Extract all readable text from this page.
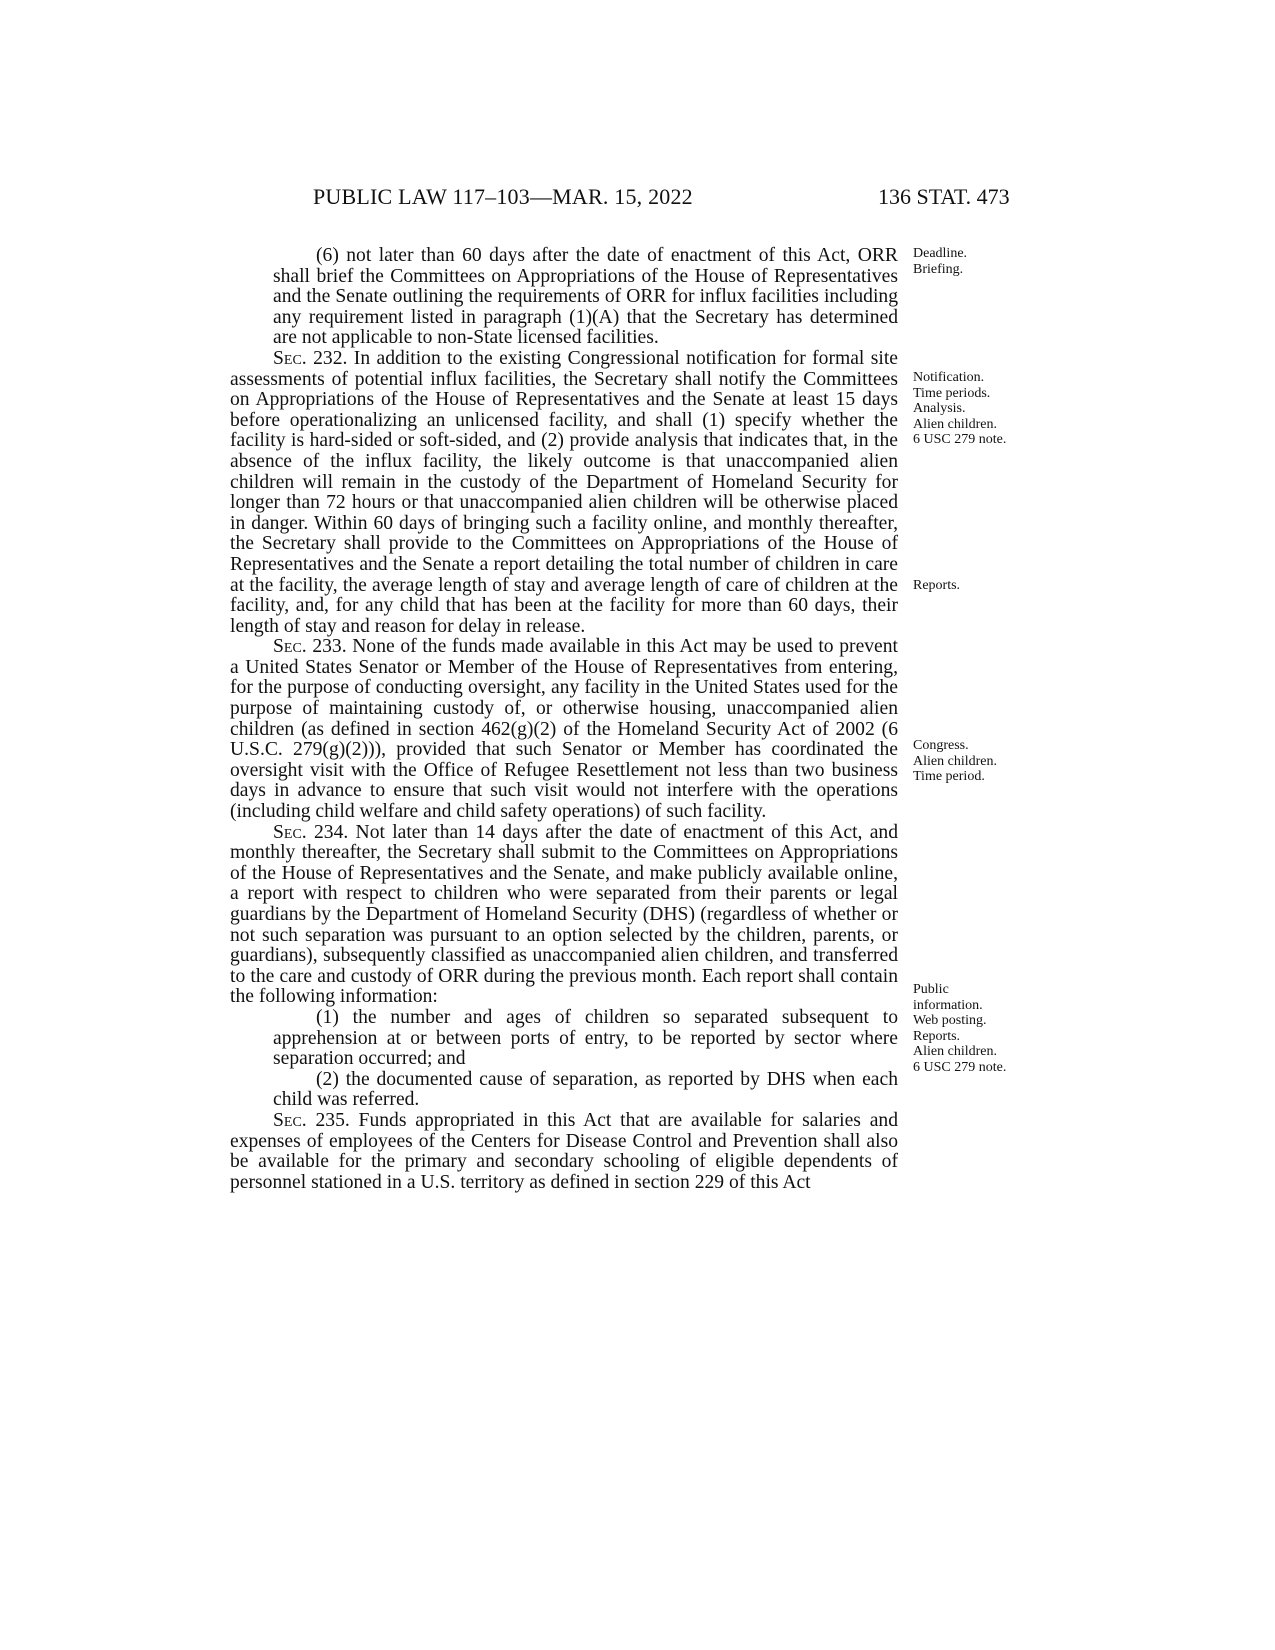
PUBLIC LAW 117–103—MAR. 15, 2022	136 STAT. 473

(6) not later than 60 days after the date of enactment of this Act, ORR shall brief the Committees on Appropriations of the House of Representatives and the Senate outlining the requirements of ORR for influx facilities including any requirement listed in paragraph (1)(A) that the Secretary has determined are not applicable to non-State licensed facilities.

Sec. 232. In addition to the existing Congressional notification for formal site assessments of potential influx facilities, the Secretary shall notify the Committees on Appropriations of the House of Representatives and the Senate at least 15 days before operationalizing an unlicensed facility, and shall (1) specify whether the facility is hard-sided or soft-sided, and (2) provide analysis that indicates that, in the absence of the influx facility, the likely outcome is that unaccompanied alien children will remain in the custody of the Department of Homeland Security for longer than 72 hours or that unaccompanied alien children will be otherwise placed in danger. Within 60 days of bringing such a facility online, and monthly thereafter, the Secretary shall provide to the Committees on Appropriations of the House of Representatives and the Senate a report detailing the total number of children in care at the facility, the average length of stay and average length of care of children at the facility, and, for any child that has been at the facility for more than 60 days, their length of stay and reason for delay in release.

Sec. 233. None of the funds made available in this Act may be used to prevent a United States Senator or Member of the House of Representatives from entering, for the purpose of conducting oversight, any facility in the United States used for the purpose of maintaining custody of, or otherwise housing, unaccompanied alien children (as defined in section 462(g)(2) of the Homeland Security Act of 2002 (6 U.S.C. 279(g)(2))), provided that such Senator or Member has coordinated the oversight visit with the Office of Refugee Resettlement not less than two business days in advance to ensure that such visit would not interfere with the operations (including child welfare and child safety operations) of such facility.

Sec. 234. Not later than 14 days after the date of enactment of this Act, and monthly thereafter, the Secretary shall submit to the Committees on Appropriations of the House of Representatives and the Senate, and make publicly available online, a report with respect to children who were separated from their parents or legal guardians by the Department of Homeland Security (DHS) (regardless of whether or not such separation was pursuant to an option selected by the children, parents, or guardians), subsequently classified as unaccompanied alien children, and transferred to the care and custody of ORR during the previous month. Each report shall contain the following information:

(1) the number and ages of children so separated subsequent to apprehension at or between ports of entry, to be reported by sector where separation occurred; and

(2) the documented cause of separation, as reported by DHS when each child was referred.

Sec. 235. Funds appropriated in this Act that are available for salaries and expenses of employees of the Centers for Disease Control and Prevention shall also be available for the primary and secondary schooling of eligible dependents of personnel stationed in a U.S. territory as defined in section 229 of this Act

Deadline.
Briefing.
Notification.
Time periods.
Analysis.
Alien children.
6 USC 279 note.
Reports.
Congress.
Alien children.
Time period.
Public
information.
Web posting.
Reports.
Alien children.
6 USC 279 note.
